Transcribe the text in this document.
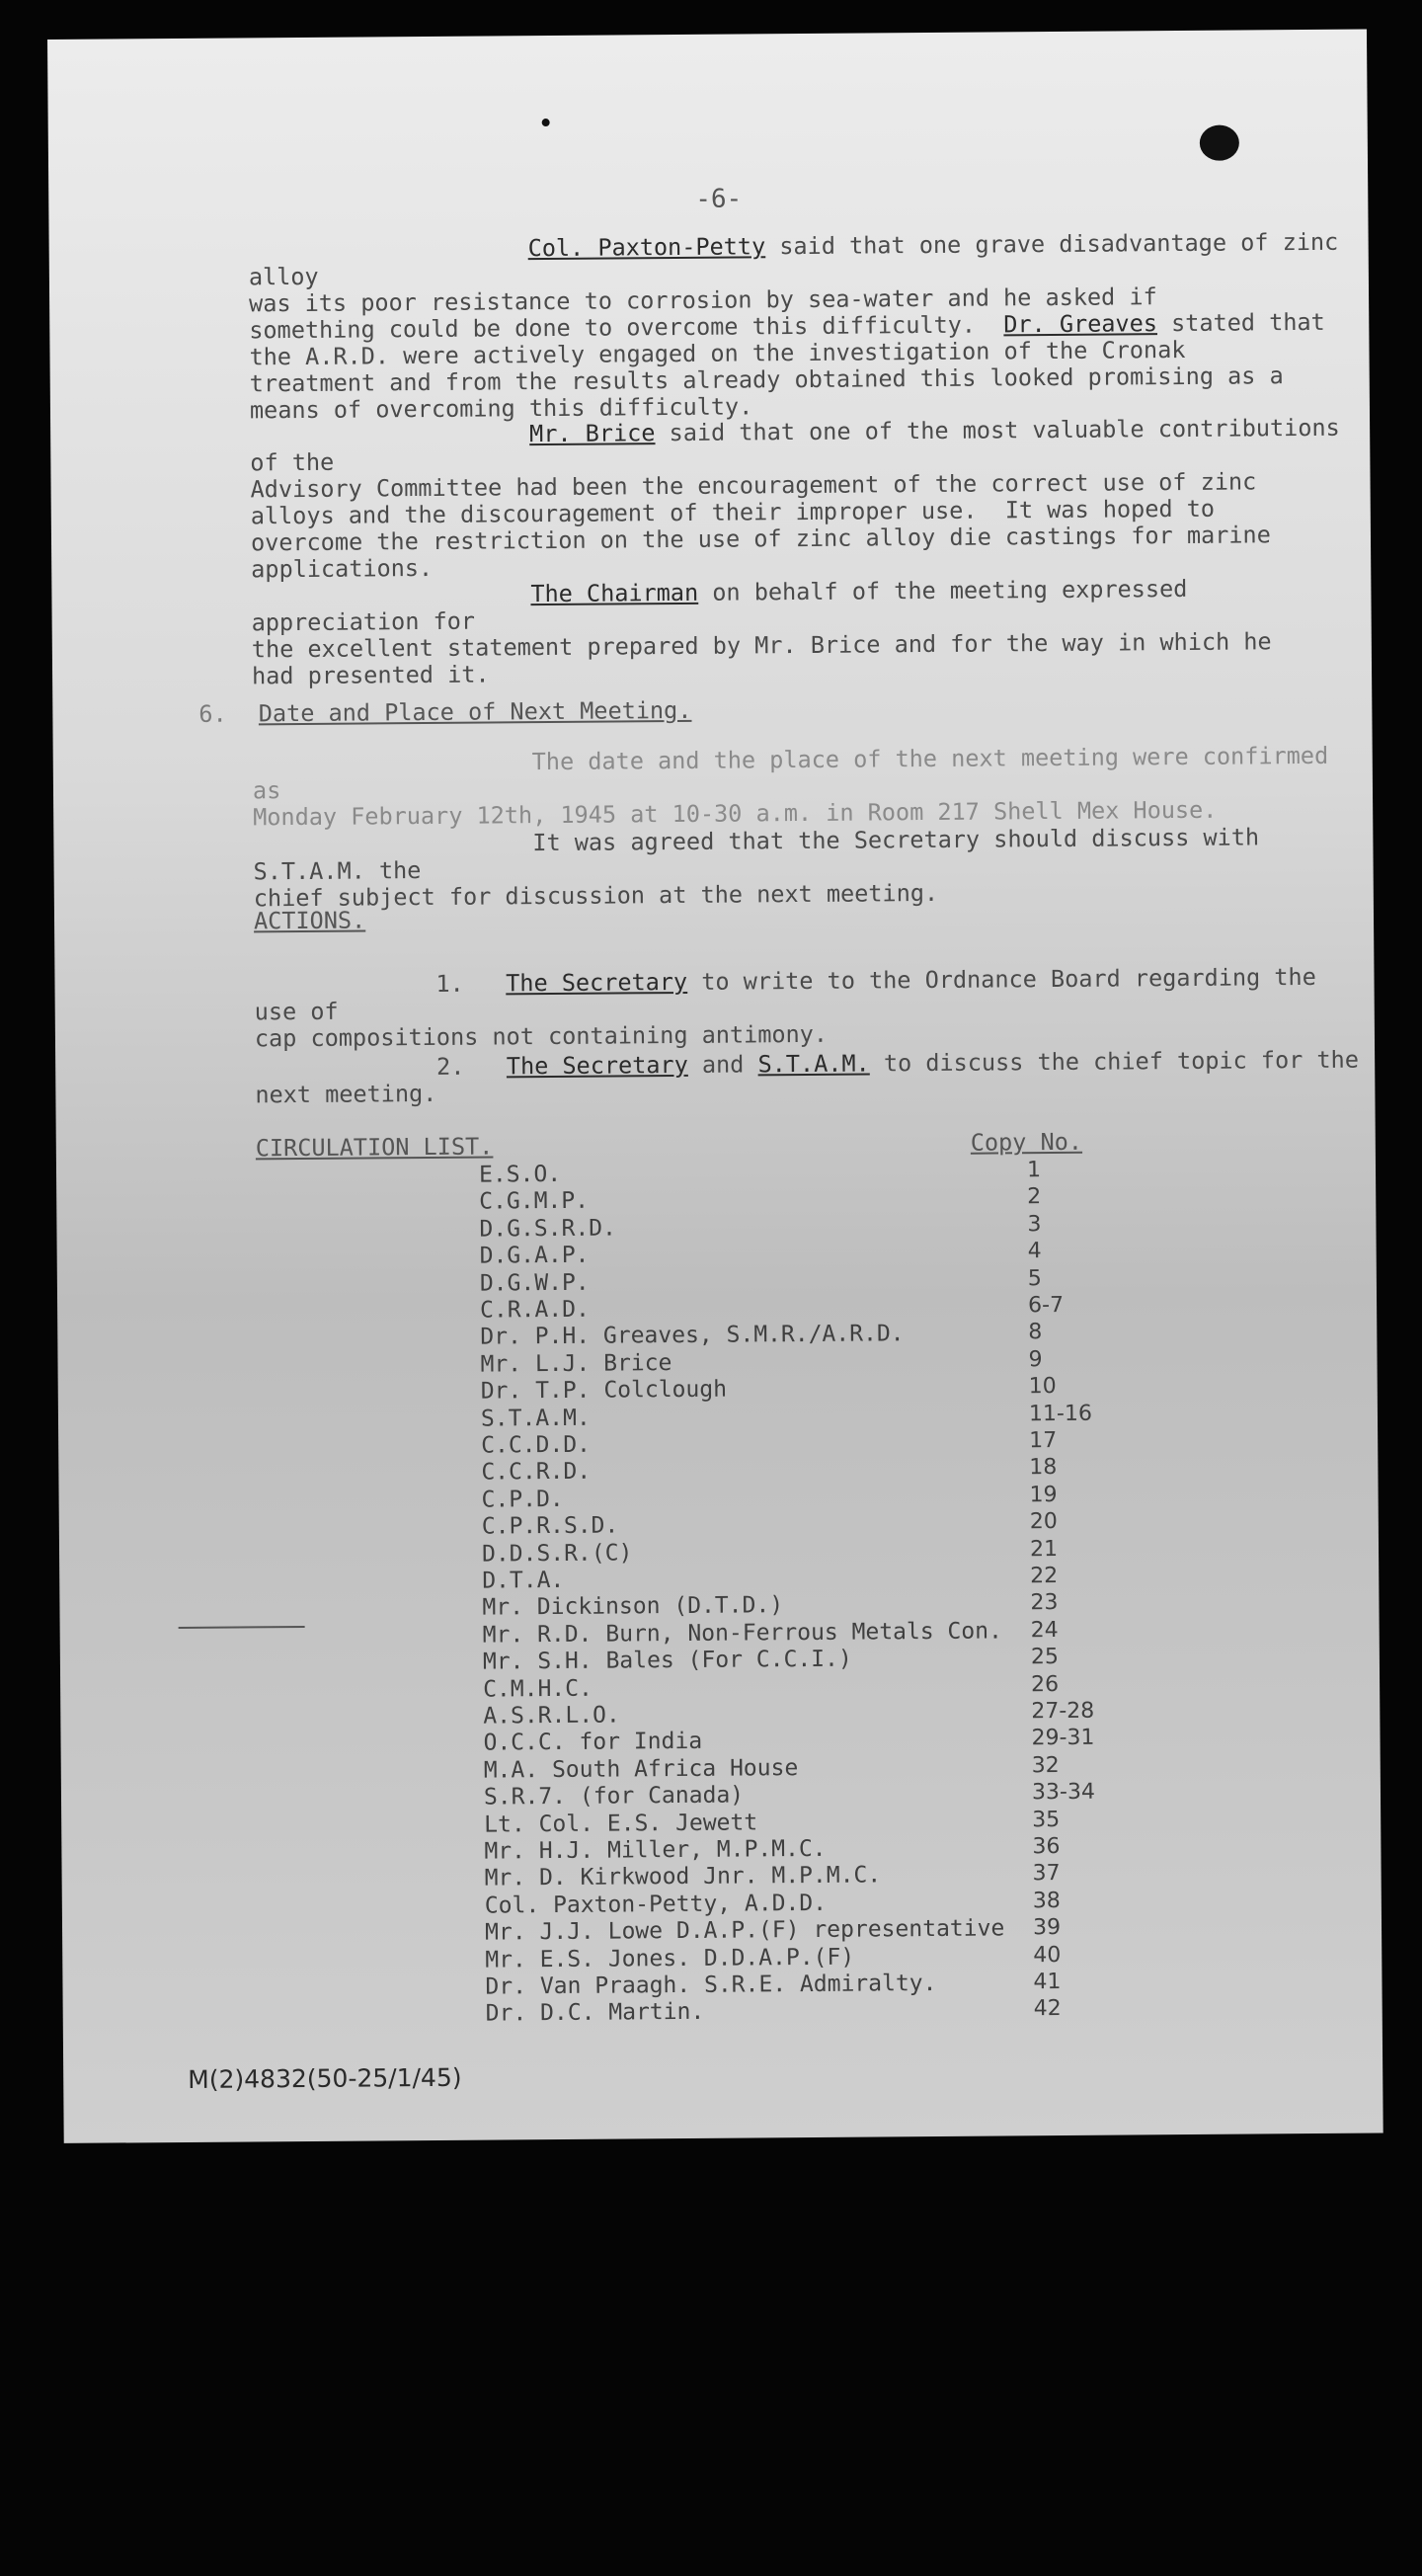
-6-

Col. Paxton-Petty said that one grave disadvantage of zinc alloy
was its poor resistance to corrosion by sea-water and he asked if
something could be done to overcome this difficulty.  Dr. Greaves stated that
the A.R.D. were actively engaged on the investigation of the Cronak
treatment and from the results already obtained this looked promising as a
means of overcoming this difficulty.

Mr. Brice said that one of the most valuable contributions of the
Advisory Committee had been the encouragement of the correct use of zinc
alloys and the discouragement of their improper use.  It was hoped to
overcome the restriction on the use of zinc alloy die castings for marine
applications.

The Chairman on behalf of the meeting expressed appreciation for
the excellent statement prepared by Mr. Brice and for the way in which he
had presented it.

6. Date and Place of Next Meeting.

The date and the place of the next meeting were confirmed as
Monday February 12th, 1945 at 10-30 a.m. in Room 217 Shell Mex House.

It was agreed that the Secretary should discuss with S.T.A.M. the
chief subject for discussion at the next meeting.

ACTIONS.

1. The Secretary to write to the Ordnance Board regarding the use of
cap compositions not containing antimony.

2. The Secretary and S.T.A.M. to discuss the chief topic for the
next meeting.

CIRCULATION LIST.	Copy No.
E.S.O.	1
C.G.M.P.	2
D.G.S.R.D.	3
D.G.A.P.	4
D.G.W.P.	5
C.R.A.D.	6-7
Dr. P.H. Greaves, S.M.R./A.R.D.	8
Mr. L.J. Brice	9
Dr. T.P. Colclough	10
S.T.A.M.	11-16
C.C.D.D.	17
C.C.R.D.	18
C.P.D.	19
C.P.R.S.D.	20
D.D.S.R.(C)	21
D.T.A.	22
Mr. Dickinson (D.T.D.)	23
Mr. R.D. Burn, Non-Ferrous Metals Con. 24
Mr. S.H. Bales (For C.C.I.)	25
C.M.H.C.	26
A.S.R.L.O.	27-28
O.C.C. for India	29-31
M.A. South Africa House	32
S.R.7. (for Canada)	33-34
Lt. Col. E.S. Jewett	35
Mr. H.J. Miller, M.P.M.C.	36
Mr. D. Kirkwood Jnr. M.P.M.C.	37
Col. Paxton-Petty, A.D.D.	38
Mr. J.J. Lowe D.A.P.(F) representative 39
Mr. E.S. Jones. D.D.A.P.(F)	40
Dr. Van Praagh. S.R.E. Admiralty.	41
Dr. D.C. Martin.	42
M(2)4832(50-25/1/45)
